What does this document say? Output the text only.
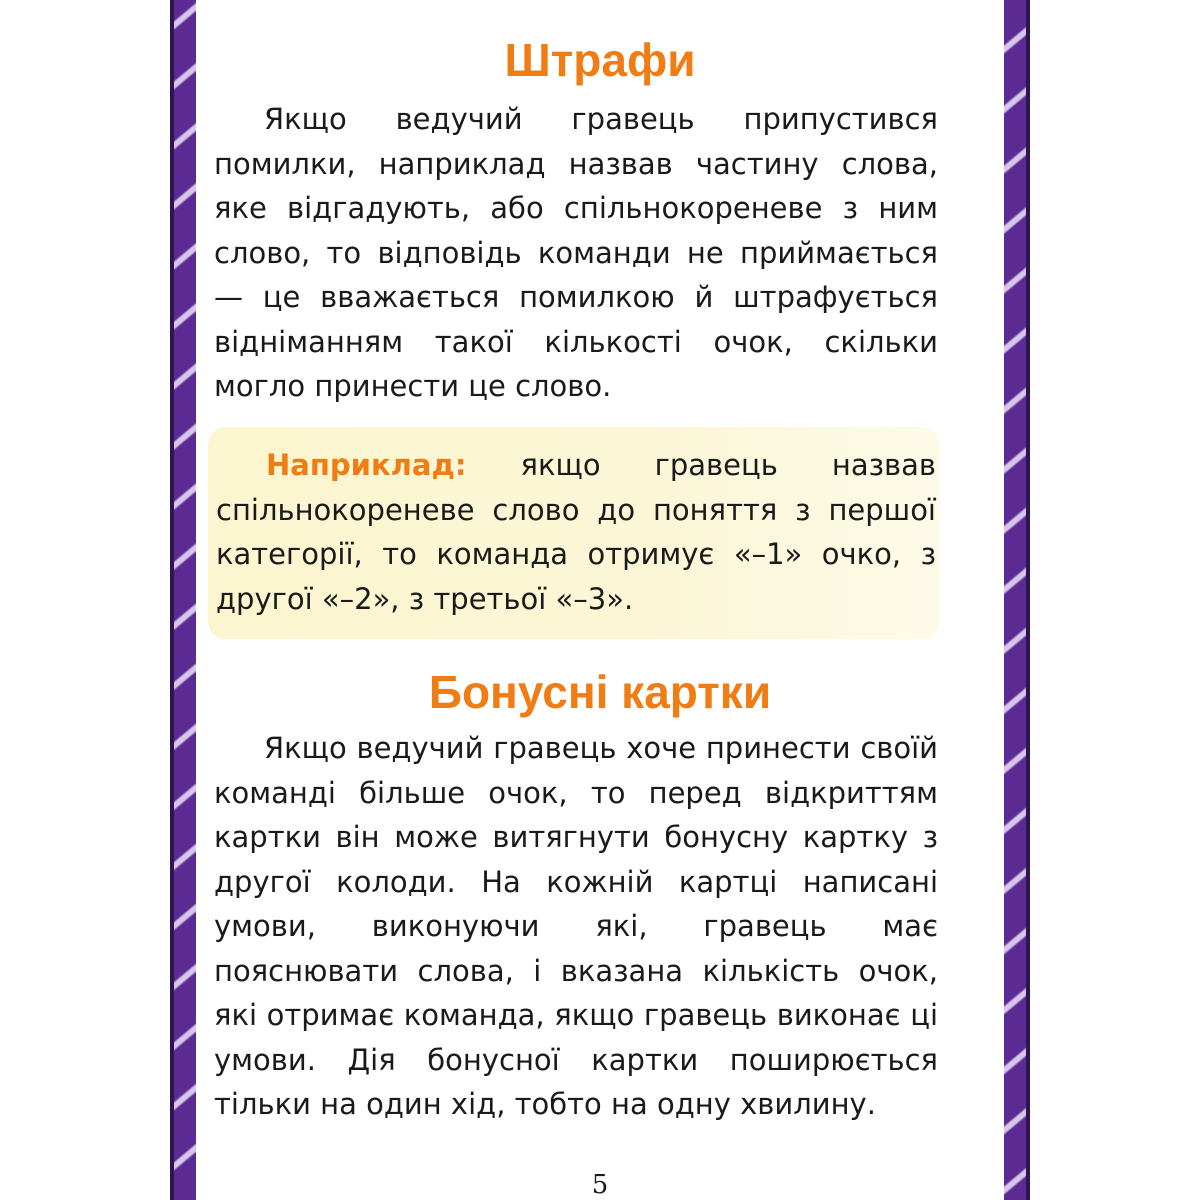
Штрафи

Якщо ведучий гравець припустився помилки, наприклад назвав частину слова, яке відгадують, або спільнокореневе з ним слово, то відповідь команди не приймається — це вважається помилкою й штрафується відніманням такої кількості очок, скільки могло принести це слово.

Наприклад: якщо гравець назвав спільнокореневе слово до поняття з першої категорії, то команда отримує «–1» очко, з другої «–2», з третьої «–3».

Бонусні картки

Якщо ведучий гравець хоче принести своїй команді більше очок, то перед відкриттям картки він може витягнути бонусну картку з другої колоди. На кожній картці написані умови, виконуючи які, гравець має пояснювати слова, і вказана кількість очок, які отримає команда, якщо гравець виконає ці умови. Дія бонусної картки поширюється тільки на один хід, тобто на одну хвилину.

5
